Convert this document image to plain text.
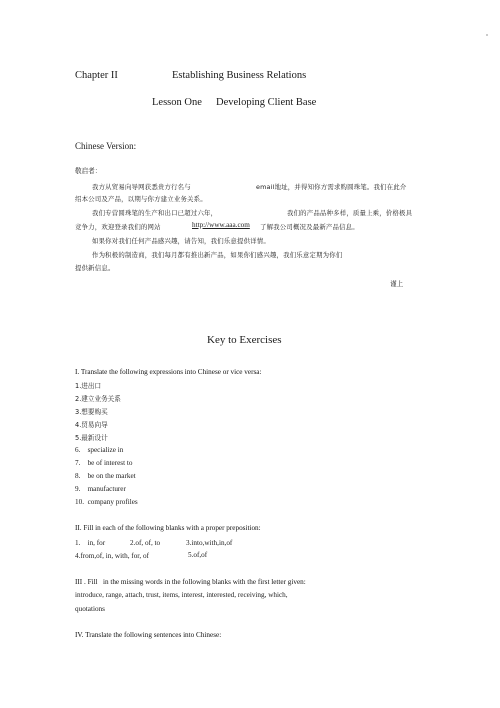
Chapter II	Establishing Business Relations
Lesson One Developing Client Base
Chinese Version:
敬启者：
我方从贸易向导网获悉贵方行名与	email地址，并得知你方需求购圆珠笔。我们在此介
绍本公司及产品，以期与你方建立业务关系。
我们专营圆珠笔的生产和出口已超过六年，	我们的产品品种多样，质量上乘，价格极具
竞争力，欢迎登录我们的网站	http://www.aaa.com 了解我公司概况及最新产品信息。
如果你对我们任何产品感兴趣，请告知，我们乐意提供详情。
作为积极的制造商，我们每月都有推出新产品，如果你们感兴趣，我们乐意定期为你们
提供新信息。
谨上
Key to Exercises
I. Translate the following expressions into Chinese or vice versa:
1.进出口
2.建立业务关系
3.想要购买
4.贸易向导
5.最新设计
6.    specialize in
7.    be of interest to
8.    be on the market
9.    manufacturer
10.  company profiles
II. Fill in each of the following blanks with a proper preposition:
1.    in, for	2.of, of, to	3.into,with,in,of
4.from,of, in, with, for, of	5.of,of
III . Fill   in the missing words in the following blanks with the first letter given:
introduce, range, attach, trust, items, interest, interested, receiving, which,
quotations
IV. Translate the following sentences into Chinese:
